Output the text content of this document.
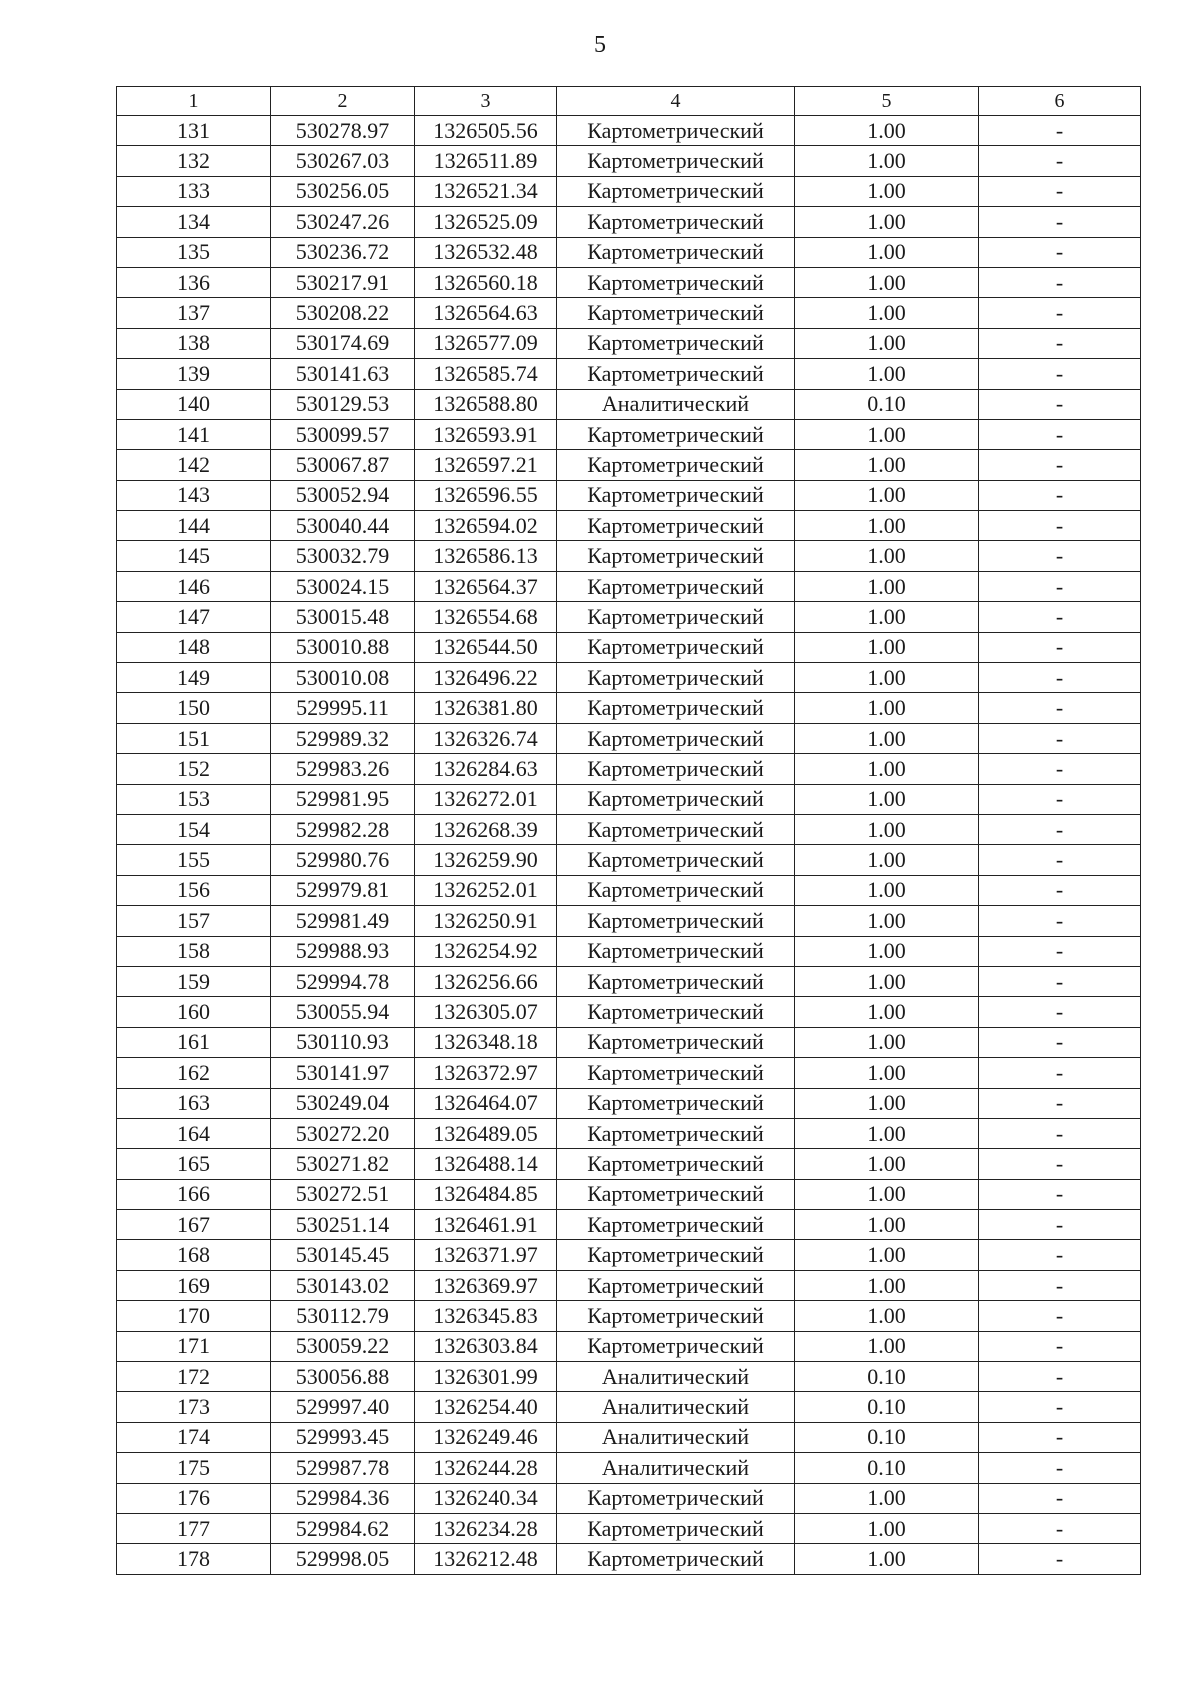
5
1	2	3	4	5	6
131	530278.97	1326505.56	Картометрический	1.00	-
132	530267.03	1326511.89	Картометрический	1.00	-
133	530256.05	1326521.34	Картометрический	1.00	-
134	530247.26	1326525.09	Картометрический	1.00	-
135	530236.72	1326532.48	Картометрический	1.00	-
136	530217.91	1326560.18	Картометрический	1.00	-
137	530208.22	1326564.63	Картометрический	1.00	-
138	530174.69	1326577.09	Картометрический	1.00	-
139	530141.63	1326585.74	Картометрический	1.00	-
140	530129.53	1326588.80	Аналитический	0.10	-
141	530099.57	1326593.91	Картометрический	1.00	-
142	530067.87	1326597.21	Картометрический	1.00	-
143	530052.94	1326596.55	Картометрический	1.00	-
144	530040.44	1326594.02	Картометрический	1.00	-
145	530032.79	1326586.13	Картометрический	1.00	-
146	530024.15	1326564.37	Картометрический	1.00	-
147	530015.48	1326554.68	Картометрический	1.00	-
148	530010.88	1326544.50	Картометрический	1.00	-
149	530010.08	1326496.22	Картометрический	1.00	-
150	529995.11	1326381.80	Картометрический	1.00	-
151	529989.32	1326326.74	Картометрический	1.00	-
152	529983.26	1326284.63	Картометрический	1.00	-
153	529981.95	1326272.01	Картометрический	1.00	-
154	529982.28	1326268.39	Картометрический	1.00	-
155	529980.76	1326259.90	Картометрический	1.00	-
156	529979.81	1326252.01	Картометрический	1.00	-
157	529981.49	1326250.91	Картометрический	1.00	-
158	529988.93	1326254.92	Картометрический	1.00	-
159	529994.78	1326256.66	Картометрический	1.00	-
160	530055.94	1326305.07	Картометрический	1.00	-
161	530110.93	1326348.18	Картометрический	1.00	-
162	530141.97	1326372.97	Картометрический	1.00	-
163	530249.04	1326464.07	Картометрический	1.00	-
164	530272.20	1326489.05	Картометрический	1.00	-
165	530271.82	1326488.14	Картометрический	1.00	-
166	530272.51	1326484.85	Картометрический	1.00	-
167	530251.14	1326461.91	Картометрический	1.00	-
168	530145.45	1326371.97	Картометрический	1.00	-
169	530143.02	1326369.97	Картометрический	1.00	-
170	530112.79	1326345.83	Картометрический	1.00	-
171	530059.22	1326303.84	Картометрический	1.00	-
172	530056.88	1326301.99	Аналитический	0.10	-
173	529997.40	1326254.40	Аналитический	0.10	-
174	529993.45	1326249.46	Аналитический	0.10	-
175	529987.78	1326244.28	Аналитический	0.10	-
176	529984.36	1326240.34	Картометрический	1.00	-
177	529984.62	1326234.28	Картометрический	1.00	-
178	529998.05	1326212.48	Картометрический	1.00	-
